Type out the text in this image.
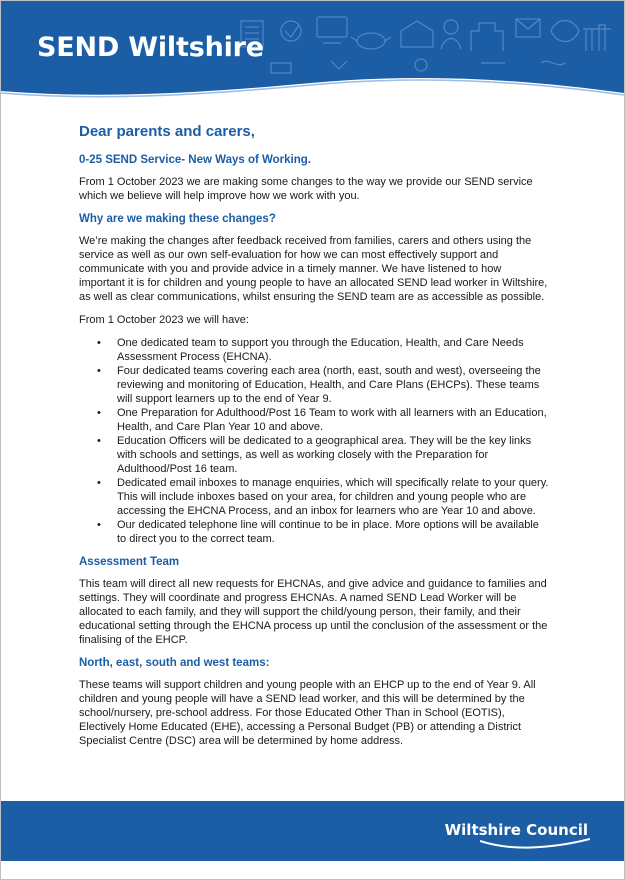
SEND Wiltshire
Dear parents and carers,
0-25 SEND Service- New Ways of Working.
From 1 October 2023 we are making some changes to the way we provide our SEND service which we believe will help improve how we work with you.
Why are we making these changes?
We’re making the changes after feedback received from families, carers and others using the service as well as our own self-evaluation for how we can most effectively support and communicate with you and provide advice in a timely manner. We have listened to how important it is for children and young people to have an allocated SEND lead worker in Wiltshire, as well as clear communications, whilst ensuring the SEND team are as accessible as possible.
From 1 October 2023 we will have:
• One dedicated team to support you through the Education, Health, and Care Needs Assessment Process (EHCNA).
• Four dedicated teams covering each area (north, east, south and west), overseeing the reviewing and monitoring of Education, Health, and Care Plans (EHCPs). These teams will support learners up to the end of Year 9.
• One Preparation for Adulthood/Post 16 Team to work with all learners with an Education, Health, and Care Plan Year 10 and above.
• Education Officers will be dedicated to a geographical area. They will be the key links with schools and settings, as well as working closely with the Preparation for Adulthood/Post 16 team.
• Dedicated email inboxes to manage enquiries, which will specifically relate to your query. This will include inboxes based on your area, for children and young people who are accessing the EHCNA Process, and an inbox for learners who are Year 10 and above.
• Our dedicated telephone line will continue to be in place. More options will be available to direct you to the correct team.
Assessment Team
This team will direct all new requests for EHCNAs, and give advice and guidance to families and settings. They will coordinate and progress EHCNAs. A named SEND Lead Worker will be allocated to each family, and they will support the child/young person, their family, and their educational setting through the EHCNA process up until the conclusion of the assessment or the finalising of the EHCP.
North, east, south and west teams:
These teams will support children and young people with an EHCP up to the end of Year 9. All children and young people will have a SEND lead worker, and this will be determined by the school/nursery, pre-school address. For those Educated Other Than in School (EOTIS), Electively Home Educated (EHE), accessing a Personal Budget (PB) or attending a District Specialist Centre (DSC) area will be determined by home address.
Wiltshire Council
